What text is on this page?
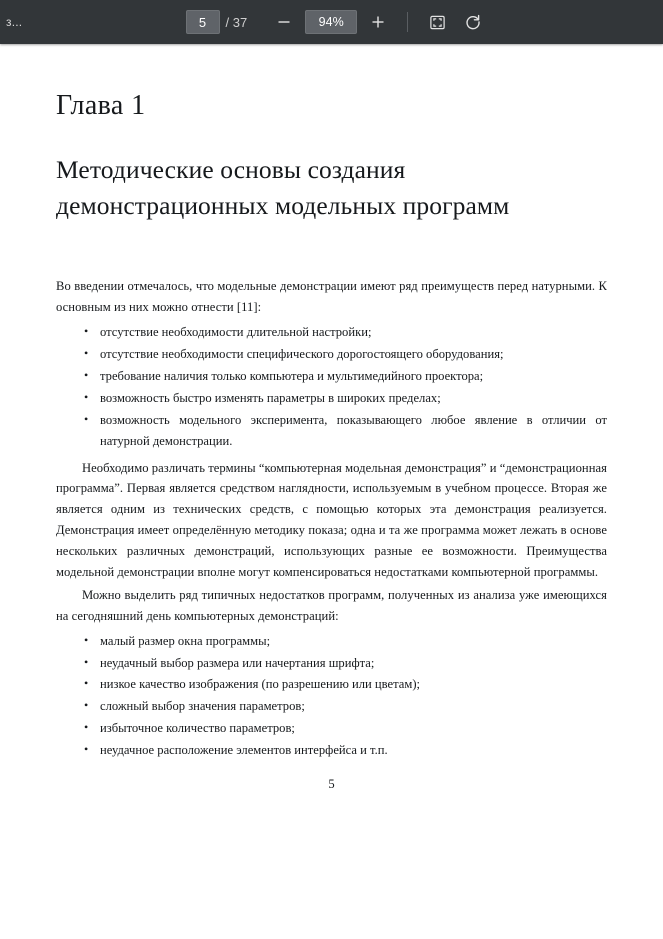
з...
5	/ 37
94%
Глава 1
Методические основы создания демонстрационных модельных программ

Во введении отмечалось, что модельные демонстрации имеют ряд преимуществ перед натурными. К основным из них можно отнести [11]:

• отсутствие необходимости длительной настройки;
• отсутствие необходимости специфического дорогостоящего оборудования;
• требование наличия только компьютера и мультимедийного проектора;
• возможность быстро изменять параметры в широких пределах;
• возможность модельного эксперимента, показывающего любое явление в отличии от натурной демонстрации.

Необходимо различать термины “компьютерная модельная демонстрация” и “демонстрационная программа”. Первая является средством наглядности, используемым в учебном процессе. Вторая же является одним из технических средств, с помощью которых эта демонстрация реализуется. Демонстрация имеет определённую методику показа; одна и та же программа может лежать в основе нескольких различных демонстраций, использующих разные ее возможности. Преимущества модельной демонстрации вполне могут компенсироваться недостатками компьютерной программы.

Можно выделить ряд типичных недостатков программ, полученных из анализа уже имеющихся на сегодняшний день компьютерных демонстраций:

• малый размер окна программы;
• неудачный выбор размера или начертания шрифта;
• низкое качество изображения (по разрешению или цветам);
• сложный выбор значения параметров;
• избыточное количество параметров;
• неудачное расположение элементов интерфейса и т.п.
5
